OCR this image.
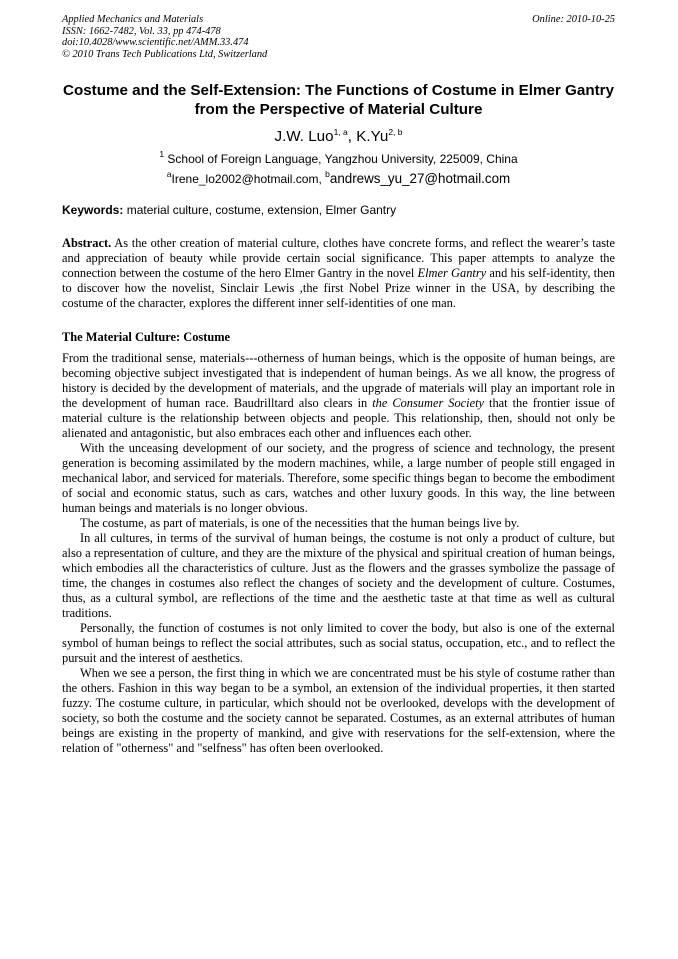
Applied Mechanics and Materials
ISSN: 1662-7482, Vol. 33, pp 474-478
doi:10.4028/www.scientific.net/AMM.33.474
© 2010 Trans Tech Publications Ltd, Switzerland
Online: 2010-10-25
Costume and the Self-Extension: The Functions of Costume in Elmer Gantry from the Perspective of Material Culture
J.W. Luo$^{1, a}$, K.Yu$^{2, b}$
$^1$ School of Foreign Language, Yangzhou University, 225009, China
$^a$Irene_lo2002@hotmail.com, $^b$andrews_yu_27@hotmail.com
Keywords: material culture, costume, extension, Elmer Gantry
Abstract. As the other creation of material culture, clothes have concrete forms, and reflect the wearer’s taste and appreciation of beauty while provide certain social significance. This paper attempts to analyze the connection between the costume of the hero Elmer Gantry in the novel Elmer Gantry and his self-identity, then to discover how the novelist, Sinclair Lewis ,the first Nobel Prize winner in the USA, by describing the costume of the character, explores the different inner self-identities of one man.
The Material Culture: Costume

From the traditional sense, materials---otherness of human beings, which is the opposite of human beings, are becoming objective subject investigated that is independent of human beings. As we all know, the progress of history is decided by the development of materials, and the upgrade of materials will play an important role in the development of human race. Baudrilltard also clears in the Consumer Society that the frontier issue of material culture is the relationship between objects and people. This relationship, then, should not only be alienated and antagonistic, but also embraces each other and influences each other.

With the unceasing development of our society, and the progress of science and technology, the present generation is becoming assimilated by the modern machines, while, a large number of people still engaged in mechanical labor, and serviced for materials. Therefore, some specific things began to become the embodiment of social and economic status, such as cars, watches and other luxury goods. In this way, the line between human beings and materials is no longer obvious.

The costume, as part of materials, is one of the necessities that the human beings live by.

In all cultures, in terms of the survival of human beings, the costume is not only a product of culture, but also a representation of culture, and they are the mixture of the physical and spiritual creation of human beings, which embodies all the characteristics of culture. Just as the flowers and the grasses symbolize the passage of time, the changes in costumes also reflect the changes of society and the development of culture. Costumes, thus, as a cultural symbol, are reflections of the time and the aesthetic taste at that time as well as cultural traditions.

Personally, the function of costumes is not only limited to cover the body, but also is one of the external symbol of human beings to reflect the social attributes, such as social status, occupation, etc., and to reflect the pursuit and the interest of aesthetics.

When we see a person, the first thing in which we are concentrated must be his style of costume rather than the others. Fashion in this way began to be a symbol, an extension of the individual properties, it then started fuzzy. The costume culture, in particular, which should not be overlooked, develops with the development of society, so both the costume and the society cannot be separated. Costumes, as an external attributes of human beings are existing in the property of mankind, and give with reservations for the self-extension, where the relation of "otherness" and "selfness" has often been overlooked.
